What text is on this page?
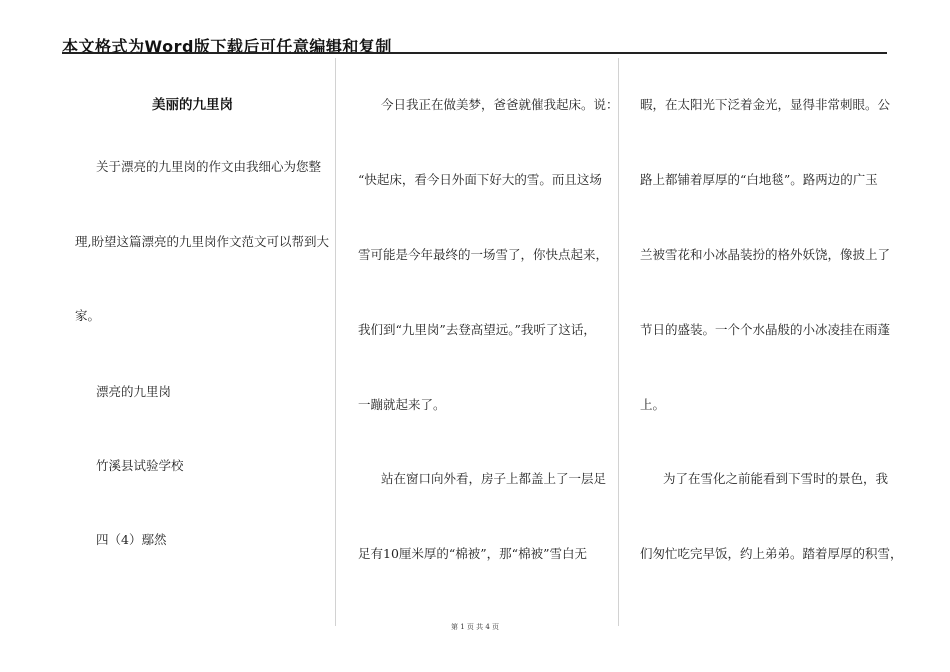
本文格式为Word版下载后可任意编辑和复制
美丽的九里岗
关于漂亮的九里岗的作文由我细心为您整
理,盼望这篇漂亮的九里岗作文范文可以帮到大
家。
漂亮的九里岗
竹溪县试验学校
四（4）鄢然
今日我正在做美梦，爸爸就催我起床。说：
“快起床，看今日外面下好大的雪。而且这场
雪可能是今年最终的一场雪了，你快点起来，
我们到“九里岗”去登高望远。”我听了这话，
一蹦就起来了。
站在窗口向外看，房子上都盖上了一层足
足有10厘米厚的“棉被”，那“棉被”雪白无
暇，在太阳光下泛着金光，显得非常刺眼。公
路上都铺着厚厚的“白地毯”。路两边的广玉
兰被雪花和小冰晶装扮的格外妖饶，像披上了
节日的盛装。一个个水晶般的小冰凌挂在雨蓬
上。
为了在雪化之前能看到下雪时的景色，我
们匆忙吃完早饭，约上弟弟。踏着厚厚的积雪，
第 1 页 共 4 页
